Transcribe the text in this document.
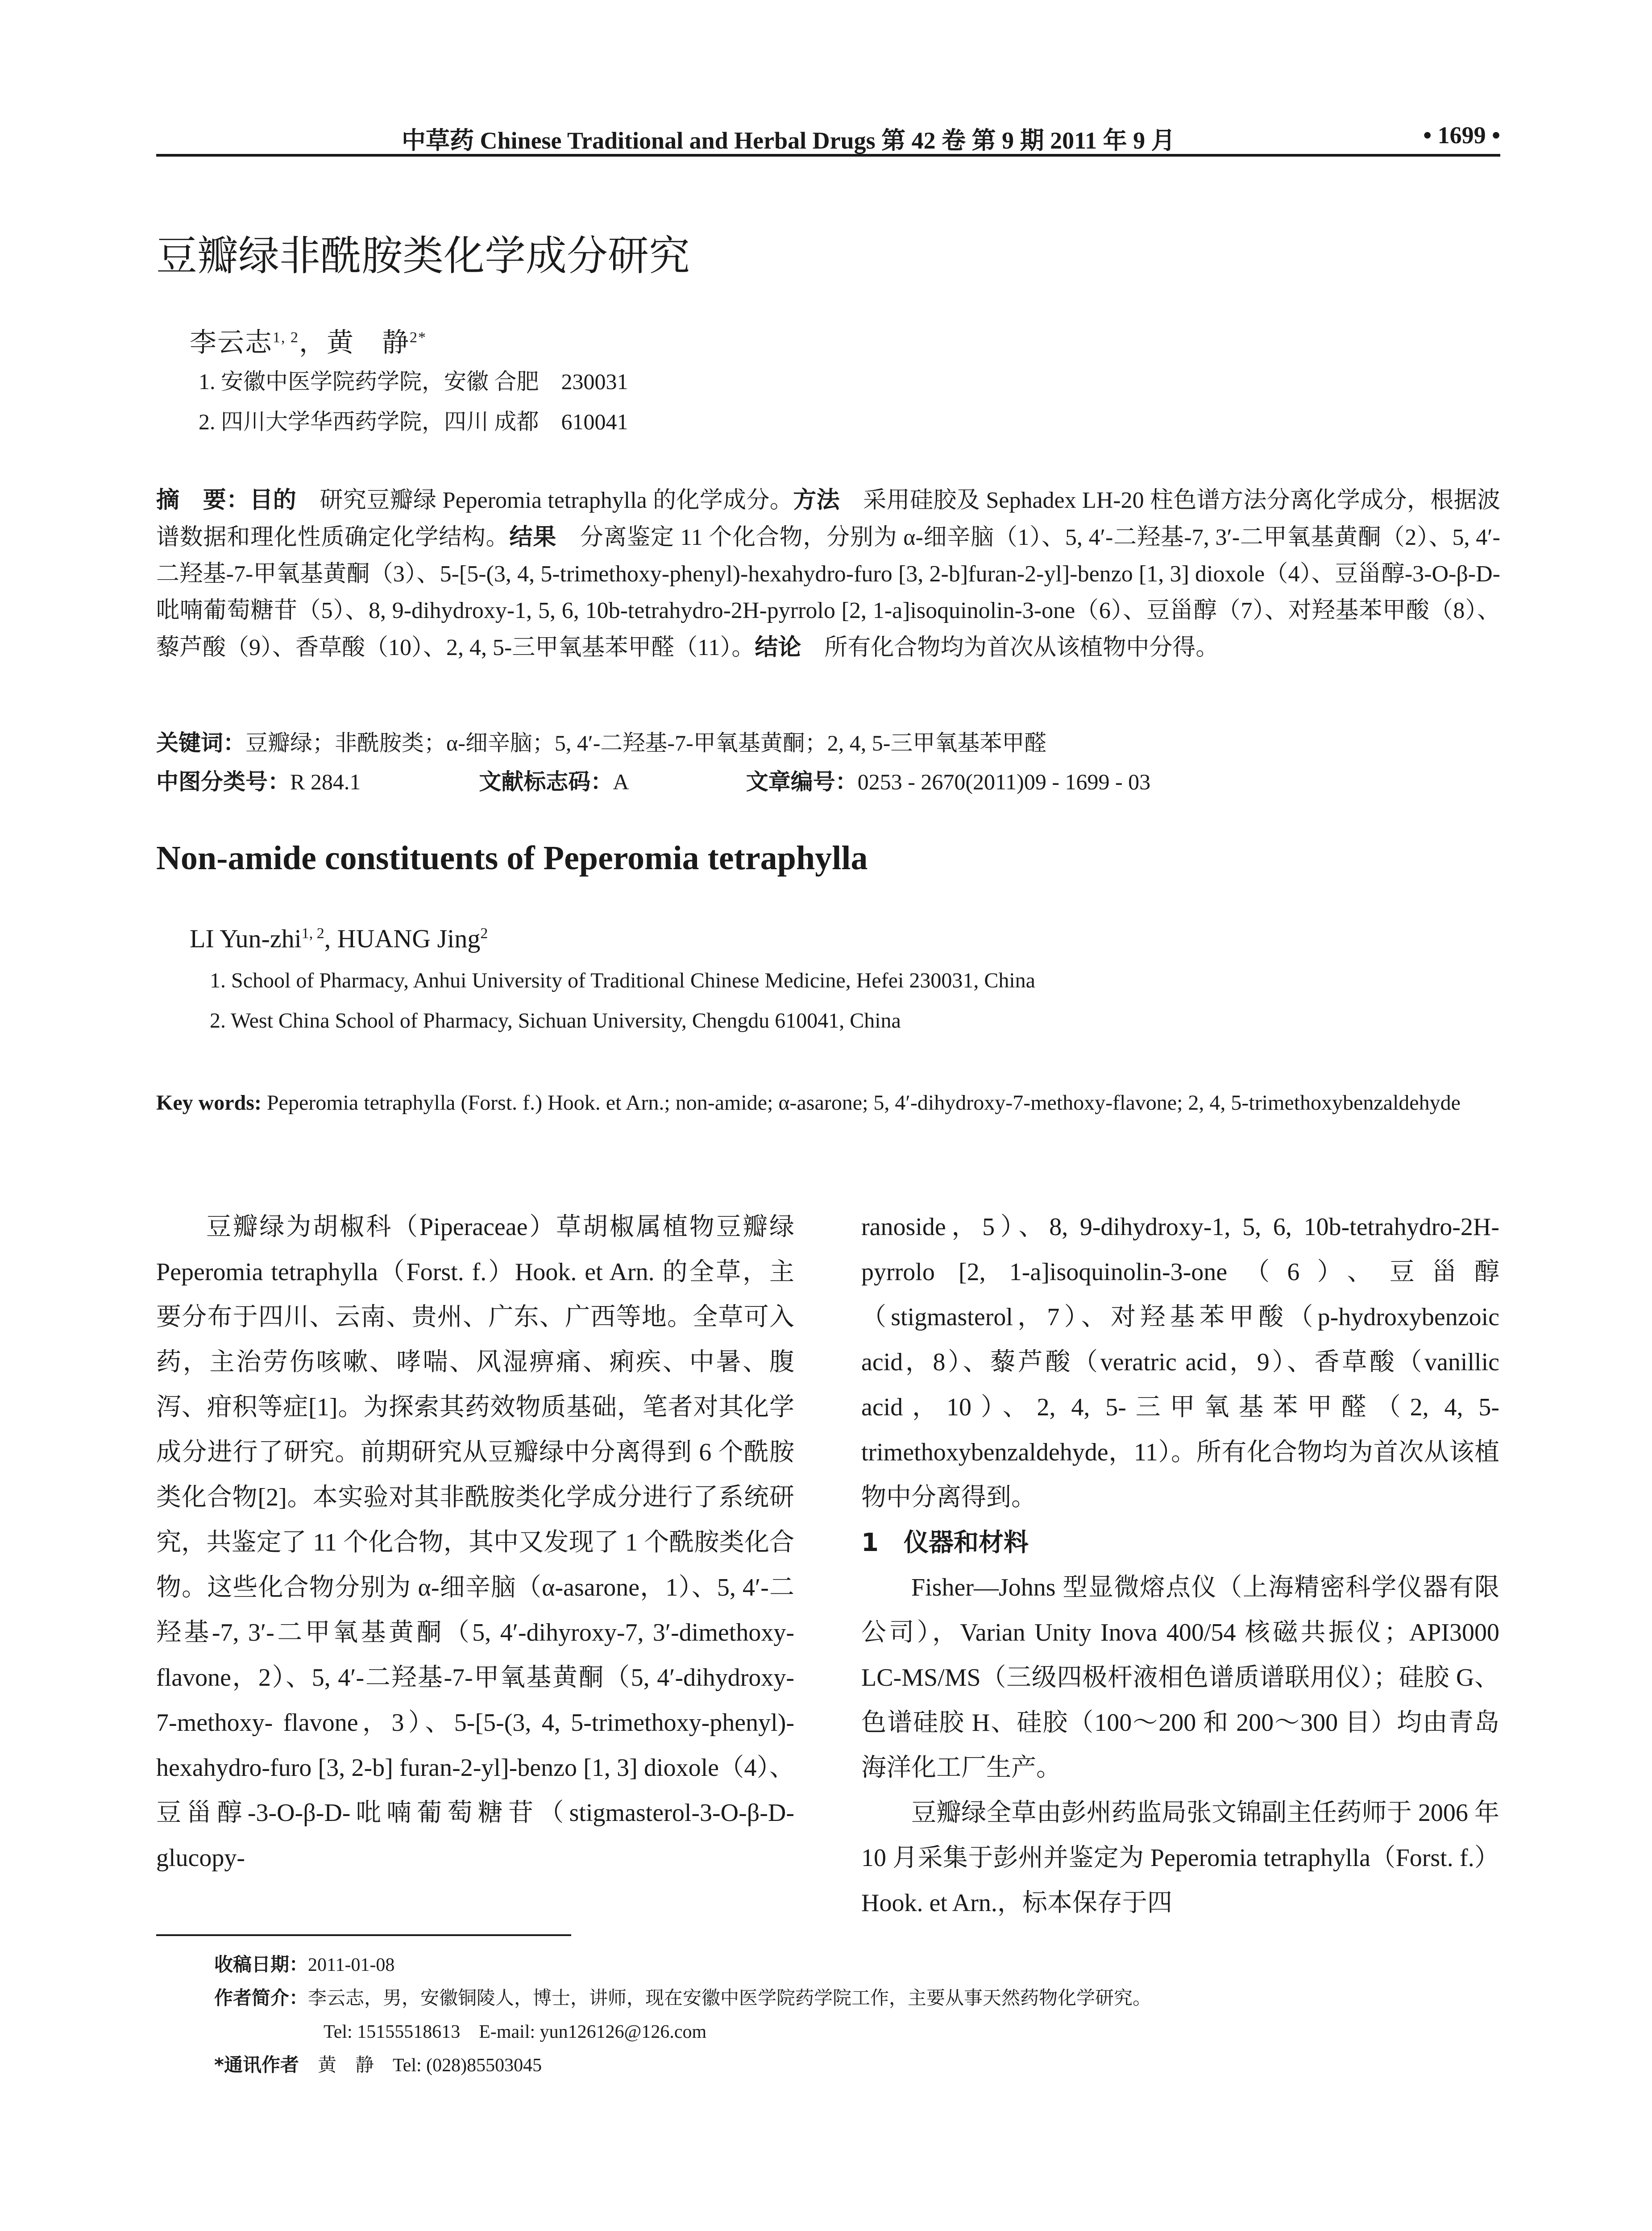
中草药 Chinese Traditional and Herbal Drugs 第 42 卷 第 9 期 2011 年 9 月	• 1699 •
豆瓣绿非酰胺类化学成分研究
李云志$^{1, 2}$，黄　静$^{2*}$
1. 安徽中医学院药学院，安徽 合肥　230031
2. 四川大学华西药学院，四川 成都　610041
摘　要：目的　研究豆瓣绿 Peperomia tetraphylla 的化学成分。方法　采用硅胶及 Sephadex LH-20 柱色谱方法分离化学成分，根据波谱数据和理化性质确定化学结构。结果　分离鉴定 11 个化合物，分别为 α-细辛脑（1）、5, 4′-二羟基-7, 3′-二甲氧基黄酮（2）、5, 4′-二羟基-7-甲氧基黄酮（3）、5-[5-(3, 4, 5-trimethoxy-phenyl)-hexahydro-furo [3, 2-b]furan-2-yl]-benzo [1, 3] dioxole（4）、豆甾醇-3-O-β-D-吡喃葡萄糖苷（5）、8, 9-dihydroxy-1, 5, 6, 10b-tetrahydro-2H-pyrrolo [2, 1-a]isoquinolin-3-one（6）、豆甾醇（7）、对羟基苯甲酸（8）、藜芦酸（9）、香草酸（10）、2, 4, 5-三甲氧基苯甲醛（11）。结论　所有化合物均为首次从该植物中分得。
关键词：豆瓣绿；非酰胺类；α-细辛脑；5, 4′-二羟基-7-甲氧基黄酮；2, 4, 5-三甲氧基苯甲醛
中图分类号：R 284.1	文献标志码：A	文章编号：0253 - 2670(2011)09 - 1699 - 03
Non-amide constituents of Peperomia tetraphylla
LI Yun-zhi$^{1, 2}$, HUANG Jing$^2$
1. School of Pharmacy, Anhui University of Traditional Chinese Medicine, Hefei 230031, China
2. West China School of Pharmacy, Sichuan University, Chengdu 610041, China
Key words: Peperomia tetraphylla (Forst. f.) Hook. et Arn.; non-amide; α-asarone; 5, 4′-dihydroxy-7-methoxy-flavone; 2, 4, 5-trimethoxybenzaldehyde

豆瓣绿为胡椒科（Piperaceae）草胡椒属植物豆瓣绿 Peperomia tetraphylla（Forst. f.）Hook. et Arn. 的全草，主要分布于四川、云南、贵州、广东、广西等地。全草可入药，主治劳伤咳嗽、哮喘、风湿痹痛、痢疾、中暑、腹泻、疳积等症[1]。为探索其药效物质基础，笔者对其化学成分进行了研究。前期研究从豆瓣绿中分离得到 6 个酰胺类化合物[2]。本实验对其非酰胺类化学成分进行了系统研究，共鉴定了 11 个化合物，其中又发现了 1 个酰胺类化合物。这些化合物分别为 α-细辛脑（α-asarone，1）、5, 4′-二羟基-7, 3′-二甲氧基黄酮（5, 4′-dihyroxy-7, 3′-dimethoxy-flavone，2）、5, 4′-二羟基-7-甲氧基黄酮（5, 4′-dihydroxy-7-methoxy- flavone，3）、5-[5-(3, 4, 5-trimethoxy-phenyl)-hexahydro-furo [3, 2-b] furan-2-yl]-benzo [1, 3] dioxole（4）、豆甾醇-3-O-β-D-吡喃葡萄糖苷（stigmasterol-3-O-β-D-glucopy-

ranoside，5）、8, 9-dihydroxy-1, 5, 6, 10b-tetrahydro-2H-pyrrolo [2, 1-a]isoquinolin-3-one（6）、豆甾醇（stigmasterol，7）、对羟基苯甲酸（p-hydroxybenzoic acid，8）、藜芦酸（veratric acid，9）、香草酸（vanillic acid，10）、2, 4, 5-三甲氧基苯甲醛（2, 4, 5-trimethoxybenzaldehyde，11）。所有化合物均为首次从该植物中分离得到。

1　仪器和材料

Fisher—Johns 型显微熔点仪（上海精密科学仪器有限公司），Varian Unity Inova 400/54 核磁共振仪；API3000 LC-MS/MS（三级四极杆液相色谱质谱联用仪）；硅胶 G、色谱硅胶 H、硅胶（100～200 和 200～300 目）均由青岛海洋化工厂生产。

豆瓣绿全草由彭州药监局张文锦副主任药师于 2006 年 10 月采集于彭州并鉴定为 Peperomia tetraphylla（Forst. f.）Hook. et Arn.，标本保存于四

收稿日期：2011-01-08
作者简介：李云志，男，安徽铜陵人，博士，讲师，现在安徽中医学院药学院工作，主要从事天然药物化学研究。
Tel: 15155518613　E-mail: yun126126@126.com
*通讯作者　黄　静　Tel: (028)85503045
